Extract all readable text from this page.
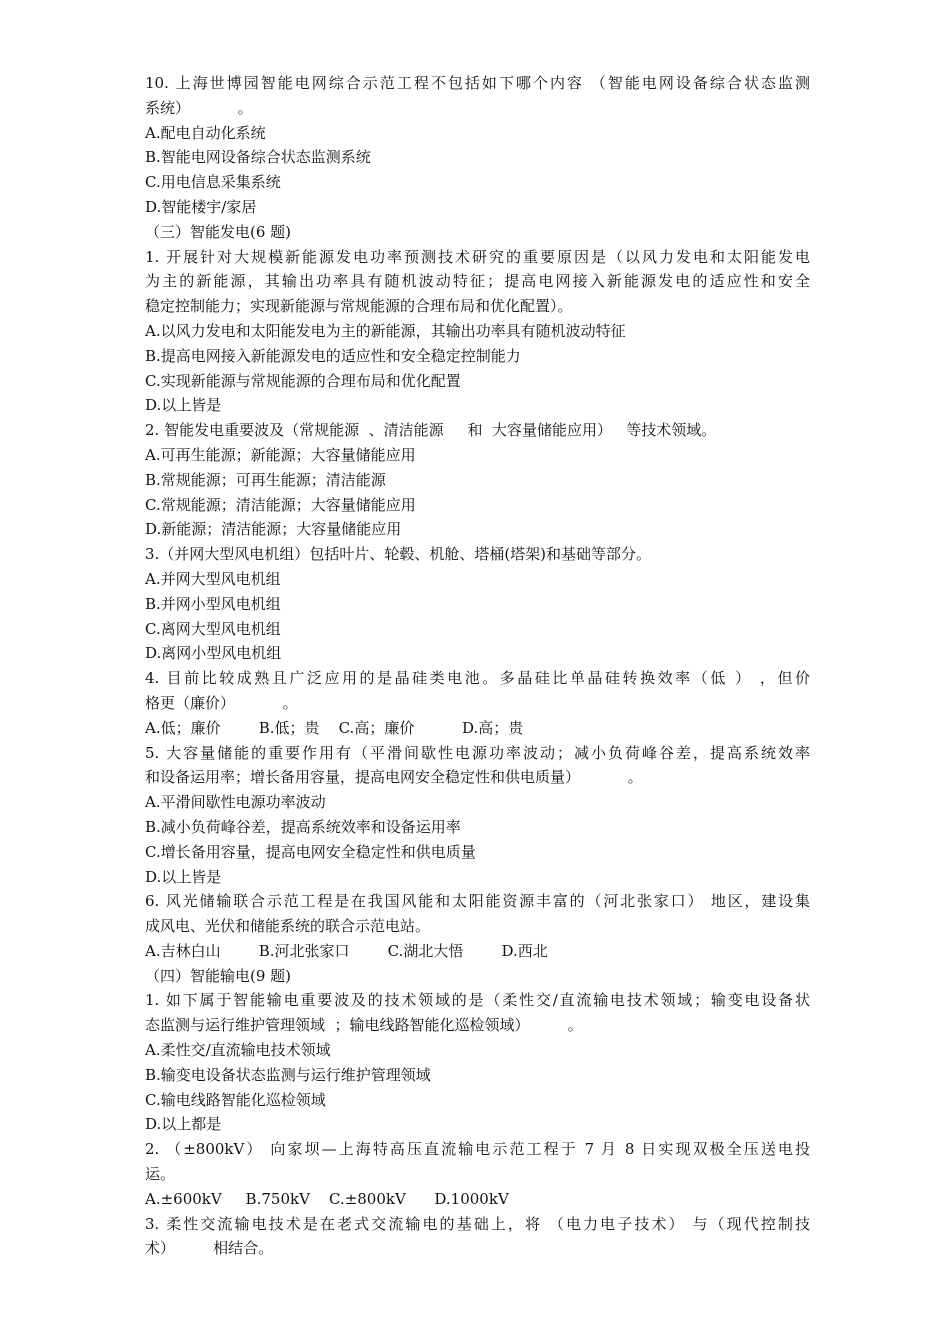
10. 上海世博园智能电网综合示范工程不包括如下哪个内容 （智能电网设备综合状态监测
系统）          。
A.配电自动化系统
B.智能电网设备综合状态监测系统
C.用电信息采集系统
D.智能楼宇/家居
（三）智能发电(6 题)
1. 开展针对大规模新能源发电功率预测技术研究的重要原因是（以风力发电和太阳能发电
为主的新能源，其输出功率具有随机波动特征；提高电网接入新能源发电的适应性和安全
稳定控制能力；实现新能源与常规能源的合理布局和优化配置）。
A.以风力发电和太阳能发电为主的新能源，其输出功率具有随机波动特征
B.提高电网接入新能源发电的适应性和安全稳定控制能力
C.实现新能源与常规能源的合理布局和优化配置
D.以上皆是
2. 智能发电重要波及（常规能源  、清洁能源     和  大容量储能应用）   等技术领域。
A.可再生能源；新能源；大容量储能应用
B.常规能源；可再生能源；清洁能源
C.常规能源；清洁能源；大容量储能应用
D.新能源；清洁能源；大容量储能应用
3.（并网大型风电机组）包括叶片、轮毂、机舱、塔桶(塔架)和基础等部分。
A.并网大型风电机组
B.并网小型风电机组
C.离网大型风电机组
D.离网小型风电机组
4. 目前比较成熟且广泛应用的是晶硅类电池。多晶硅比单晶硅转换效率（低 ） ，但价
格更（廉价）          。
A.低；廉价        B.低；贵    C.高；廉价          D.高；贵
5. 大容量储能的重要作用有（平滑间歇性电源功率波动；减小负荷峰谷差，提高系统效率
和设备运用率；增长备用容量，提高电网安全稳定性和供电质量）          。
A.平滑间歇性电源功率波动
B.减小负荷峰谷差，提高系统效率和设备运用率
C.增长备用容量，提高电网安全稳定性和供电质量
D.以上皆是
6. 风光储输联合示范工程是在我国风能和太阳能资源丰富的（河北张家口） 地区，建设集
成风电、光伏和储能系统的联合示范电站。
A.吉林白山        B.河北张家口        C.湖北大悟        D.西北
（四）智能输电(9 题)
1. 如下属于智能输电重要波及的技术领域的是（柔性交/直流输电技术领域；输变电设备状
态监测与运行维护管理领域  ；输电线路智能化巡检领域）        。
A.柔性交/直流输电技术领域
B.输变电设备状态监测与运行维护管理领域
C.输电线路智能化巡检领域
D.以上都是
2. （±800kV） 向家坝—上海特高压直流输电示范工程于 7 月 8 日实现双极全压送电投
运。
A.±600kV     B.750kV    C.±800kV      D.1000kV
3. 柔性交流输电技术是在老式交流输电的基础上，将 （电力电子技术） 与（现代控制技
术）        相结合。
